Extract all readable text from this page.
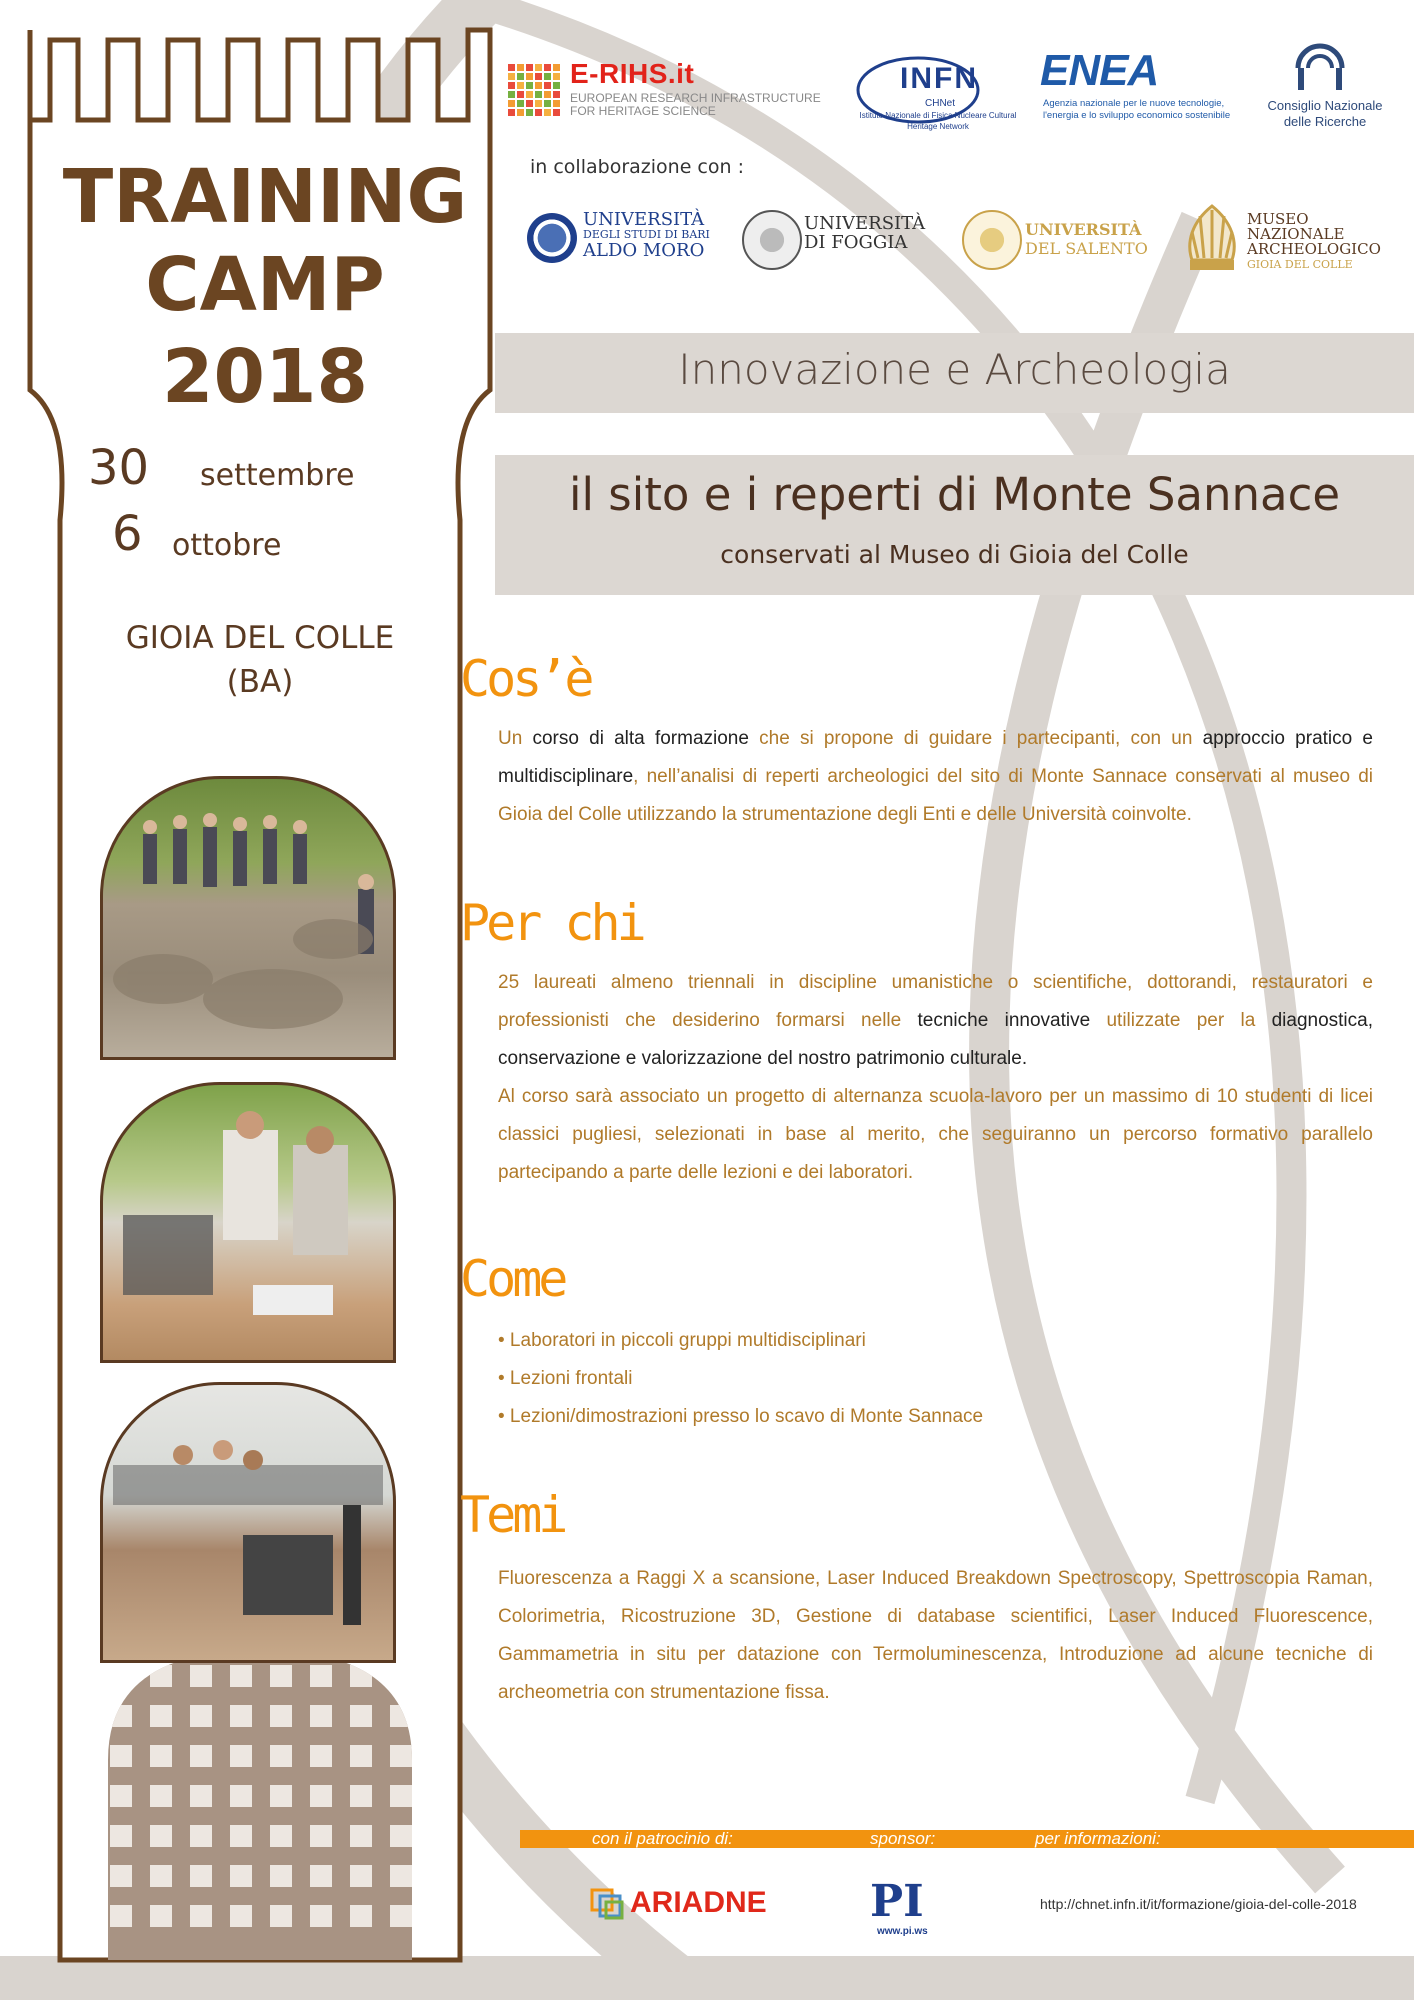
E-RIHS.it
EUROPEAN RESEARCH INFRASTRUCTURE FOR HERITAGE SCIENCE
INFN
CHNet
Istituto Nazionale di Fisica Nucleare Cultural Heritage Network
ENEA
Agenzia nazionale per le nuove tecnologie, l'energia e lo sviluppo economico sostenibile
Consiglio Nazionale delle Ricerche
in collaborazione con :
UNIVERSITÀ
DEGLI STUDI DI BARI
ALDO MORO
UNIVERSITÀ
DI FOGGIA
UNIVERSITÀ
DEL SALENTO
MUSEO
NAZIONALE
ARCHEOLOGICO
GIOIA DEL COLLE
Innovazione e Archeologia
il sito e i reperti di Monte Sannace
conservati al Museo di Gioia del Colle
TRAINING
CAMP
2018
30 settembre
6 ottobre
GIOIA DEL COLLE
(BA)	Cos’è
Un corso di alta formazione che si propone di guidare i partecipanti, con un approccio pratico e multidisciplinare, nell’analisi di reperti archeologici del sito di Monte Sannace conservati al museo di Gioia del Colle utilizzando la strumentazione degli Enti e delle Università coinvolte.
Per chi
25 laureati almeno triennali in discipline umanistiche o scientifiche, dottorandi, restauratori e professionisti che desiderino formarsi nelle tecniche innovative utilizzate per la diagnostica, conservazione e valorizzazione del nostro patrimonio culturale.
Al corso sarà associato un progetto di alternanza scuola-lavoro per un massimo di 10 studenti di licei classici pugliesi, selezionati in base al merito, che seguiranno un percorso formativo parallelo partecipando a parte delle lezioni e dei laboratori.
Come
• Laboratori in piccoli gruppi multidisciplinari
• Lezioni frontali
• Lezioni/dimostrazioni presso lo scavo di Monte Sannace
Temi
Fluorescenza a Raggi X a scansione, Laser Induced Breakdown Spectroscopy, Spettroscopia Raman, Colorimetria, Ricostruzione 3D, Gestione di database scientifici, Laser Induced Fluorescence, Gammametria in situ per datazione con Termoluminescenza, Introduzione ad alcune tecniche di archeometria con strumentazione fissa.
con il patrocinio di:	sponsor:	per informazioni:
ARIADNE PI
www.pi.ws
http://chnet.infn.it/it/formazione/gioia-del-colle-2018
